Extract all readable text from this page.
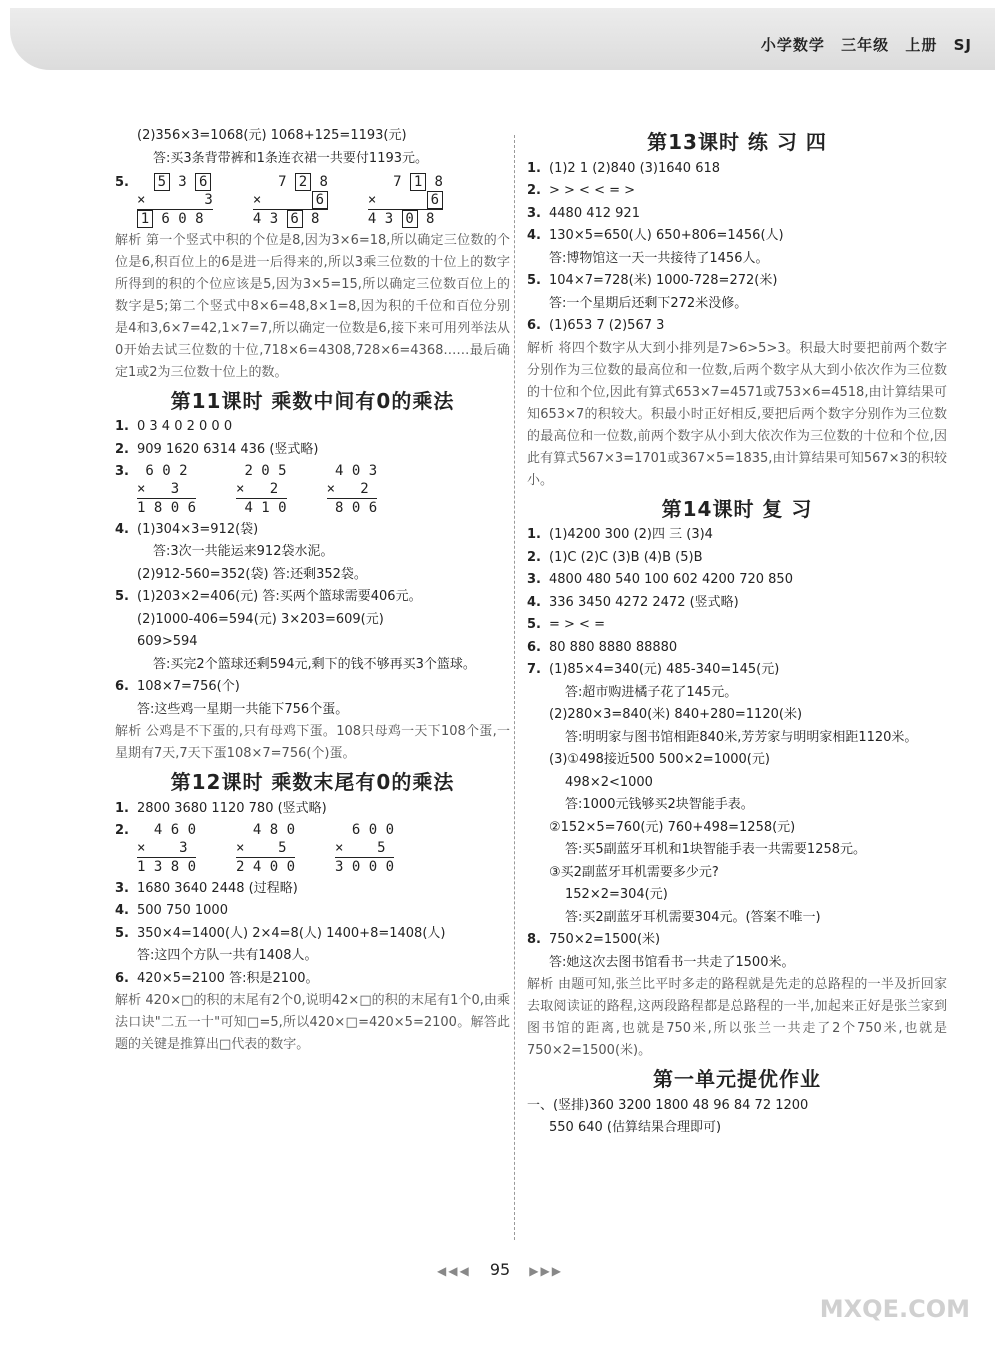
小学数学 三年级 上册 SJ
(2)356×3=1068(元) 1068+125=1193(元)
答:买3条背带裤和1条连衣裙一共要付1193元。
5.	5 3 6
×       3
1 6 0 8
7 2 8
×      6
4 3 6 8
7 1 8
×      6
4 3 0 8
解析 第一个竖式中积的个位是8,因为3×6=18,所以确定三位数的个位是6,积百位上的6是进一后得来的,所以3乘三位数的十位上的数字所得到的积的个位应该是5,因为3×5=15,所以确定三位数百位上的数字是5;第二个竖式中8×6=48,8×1=8,因为积的千位和百位分别是4和3,6×7=42,1×7=7,所以确定一位数是6,接下来可用列举法从0开始去试三位数的十位,718×6=4308,728×6=4368……最后确定1或2为三位数十位上的数。
第11课时 乘数中间有0的乘法
1. 0 3 4 0 2 0 0 0
2. 909 1620 6314 436 (竖式略)
3. 6 0 2
×   3
1 8 0 6
2 0 5
×   2
4 1 0
4 0 3
×   2
8 0 6
4. (1)304×3=912(袋)
答:3次一共能运来912袋水泥。
(2)912-560=352(袋) 答:还剩352袋。
5. (1)203×2=406(元) 答:买两个篮球需要406元。
(2)1000-406=594(元) 3×203=609(元)
609>594
答:买完2个篮球还剩594元,剩下的钱不够再买3个篮球。
6. 108×7=756(个)
答:这些鸡一星期一共能下756个蛋。
解析 公鸡是不下蛋的,只有母鸡下蛋。108只母鸡一天下108个蛋,一星期有7天,7天下蛋108×7=756(个)蛋。
第12课时 乘数末尾有0的乘法
1. 2800 3680 1120 780 (竖式略)
2. 4 6 0
×    3
1 3 8 0
4 8 0
×    5
2 4 0 0
6 0 0
×    5
3 0 0 0
3. 1680 3640 2448 (过程略)
4. 500 750 1000
5. 350×4=1400(人) 2×4=8(人) 1400+8=1408(人)
答:这四个方队一共有1408人。
6. 420×5=2100 答:积是2100。
解析 420×□的积的末尾有2个0,说明42×□的积的末尾有1个0,由乘法口诀"二五一十"可知□=5,所以420×□=420×5=2100。解答此题的关键是推算出□代表的数字。
第13课时 练 习 四
1. (1)2 1 (2)840 (3)1640 618
2. > > < < = >
3. 4480 412 921
4. 130×5=650(人) 650+806=1456(人)
答:博物馆这一天一共接待了1456人。
5. 104×7=728(米) 1000-728=272(米)
答:一个星期后还剩下272米没修。
6. (1)653 7 (2)567 3
解析 将四个数字从大到小排列是7>6>5>3。积最大时要把前两个数字分别作为三位数的最高位和一位数,后两个数字从大到小依次作为三位数的十位和个位,因此有算式653×7=4571或753×6=4518,由计算结果可知653×7的积较大。积最小时正好相反,要把后两个数字分别作为三位数的最高位和一位数,前两个数字从小到大依次作为三位数的十位和个位,因此有算式567×3=1701或367×5=1835,由计算结果可知567×3的积较小。
第14课时 复 习
1. (1)4200 300 (2)四 三 (3)4
2. (1)C (2)C (3)B (4)B (5)B
3. 4800 480 540 100 602 4200 720 850
4. 336 3450 4272 2472 (竖式略)
5. = > < =
6. 80 880 8880 88880
7. (1)85×4=340(元) 485-340=145(元)
答:超市购进橘子花了145元。
(2)280×3=840(米) 840+280=1120(米)
答:明明家与图书馆相距840米,芳芳家与明明家相距1120米。
(3)①498接近500 500×2=1000(元)
498×2<1000
答:1000元钱够买2块智能手表。
②152×5=760(元) 760+498=1258(元)
答:买5副蓝牙耳机和1块智能手表一共需要1258元。
③买2副蓝牙耳机需要多少元?
152×2=304(元)
答:买2副蓝牙耳机需要304元。(答案不唯一)
8. 750×2=1500(米)
答:她这次去图书馆看书一共走了1500米。
解析 由题可知,张兰比平时多走的路程就是先走的总路程的一半及折回家去取阅读证的路程,这两段路程都是总路程的一半,加起来正好是张兰家到图书馆的距离,也就是750米,所以张兰一共走了2个750米,也就是750×2=1500(米)。
第一单元提优作业
一、(竖排)360 3200 1800 48 96 84 72 1200
550 640 (估算结果合理即可)
◀◀◀ 95 ▶▶▶
MXQE.COM
